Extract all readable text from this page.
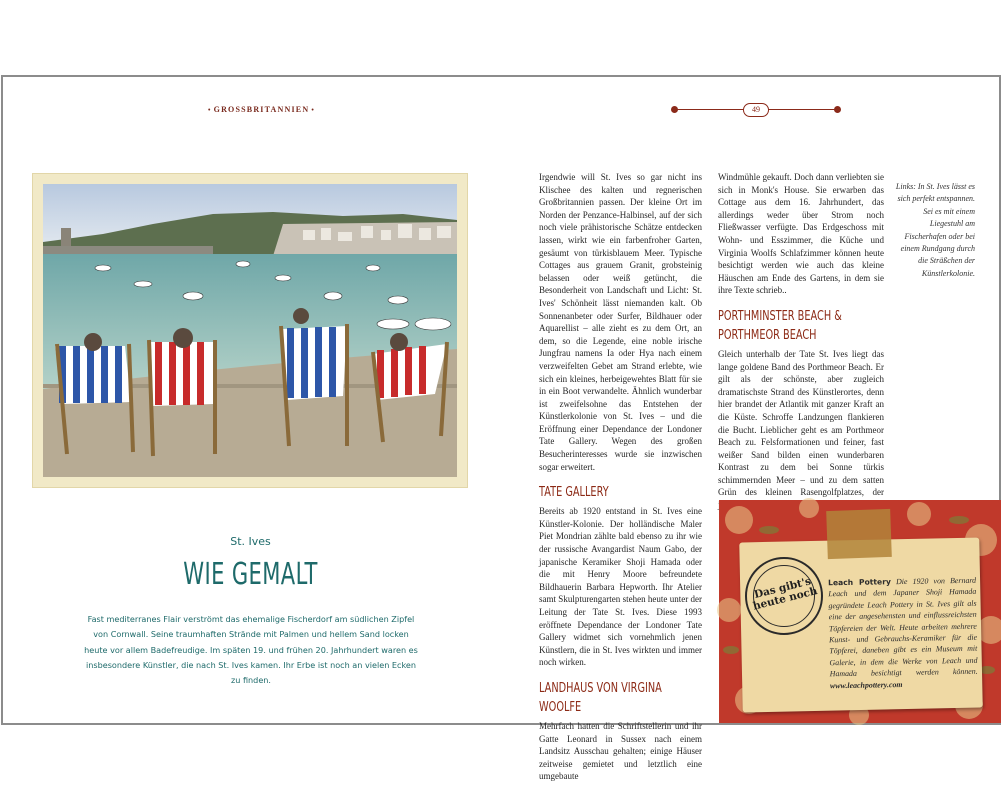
• GROSSBRITANNIEN •	49
St. Ives
WIE GEMALT
Fast mediterranes Flair verströmt das ehemalige Fischerdorf am südlichen Zipfel von Cornwall. Seine traumhaften Strände mit Palmen und hellem Sand locken heute vor allem Badefreudige. Im späten 19. und frühen 20. Jahrhundert waren es insbesondere Künstler, die nach St. Ives kamen. Ihr Erbe ist noch an vielen Ecken zu finden.

Irgendwie will St. Ives so gar nicht ins Klischee des kalten und regnerischen Großbritannien passen. Der kleine Ort im Norden der Penzance-Halbinsel, auf der sich noch viele prähistorische Schätze entdecken lassen, wirkt wie ein farbenfroher Garten, gesäumt von türkisblauem Meer. Typische Cottages aus grauem Granit, grobsteinig belassen oder weiß getüncht, die Besonderheit von Landschaft und Licht: St. Ives' Schönheit lässt niemanden kalt. Ob Sonnenanbeter oder Surfer, Bildhauer oder Aquarellist – alle zieht es zu dem Ort, an dem, so die Legende, eine noble irische Jungfrau namens Ia oder Hya nach einem verzweifelten Gebet am Strand erlebte, wie sich ein kleines, herbeigewehtes Blatt für sie in ein Boot verwandelte. Ähnlich wunderbar ist zweifelsohne das Entstehen der Künstlerkolonie von St. Ives – und die Eröffnung einer Dependance der Londoner Tate Gallery. Wegen des großen Besucherinteresses wurde sie inzwischen sogar erweitert.

TATE GALLERY

Bereits ab 1920 entstand in St. Ives eine Künstler-Kolonie. Der holländische Maler Piet Mondrian zählte bald ebenso zu ihr wie der russische Avangardist Naum Gabo, der japanische Keramiker Shoji Hamada oder die mit Henry Moore befreundete Bildhauerin Barbara Hepworth. Ihr Atelier samt Skulpturengarten stehen heute unter der Leitung der Tate St. Ives. Diese 1993 eröffnete Dependance der Londoner Tate Gallery widmet sich vornehmlich jenen Künstlern, die in St. Ives wirkten und immer noch wirken.

LANDHAUS VON VIRGINA WOOLFE

Mehrfach hatten die Schriftstellerin und ihr Gatte Leonard in Sussex nach einem Landsitz Ausschau gehalten; einige Häuser zeitweise gemietet und letztlich eine umgebaute

Windmühle gekauft. Doch dann verliebten sie sich in Monk's House. Sie erwarben das Cottage aus dem 16. Jahrhundert, das allerdings weder über Strom noch Fließwasser verfügte. Das Erdgeschoss mit Wohn- und Esszimmer, die Küche und Virginia Woolfs Schlafzimmer können heute besichtigt werden wie auch das kleine Häuschen am Ende des Gartens, in dem sie ihre Texte schrieb..

PORTHMINSTER BEACH & PORTHMEOR BEACH

Gleich unterhalb der Tate St. Ives liegt das lange goldene Band des Porthmeor Beach. Er gilt als der schönste, aber zugleich dramatischste Strand des Künstlerortes, denn hier brandet der Atlantik mit ganzer Kraft an die Küste. Schroffe Landzungen flankieren die Bucht. Lieblicher geht es am Porthmeor Beach zu. Felsformationen und feiner, fast weißer Sand bilden einen wunderbaren Kontrast zu dem bei Sonne türkis schimmernden Meer – und zu dem satten Grün des kleinen Rasengolfplatzes, der

Links: In St. Ives lässt es sich perfekt entspannen. Sei es mit einem Liegestuhl am Fischerhafen oder bei einem Rundgang durch die Sträßchen der Künstlerkolonie.
Das gibt's heute noch
Leach Pottery Die 1920 von Bernard Leach und dem Japaner Shoji Hamada gegründete Leach Pottery in St. Ives gilt als eine der angesehensten und einflussreichsten Töpfereien der Welt. Heute arbeiten mehrere Kunst- und Gebrauchs-Keramiker für die Töpferei, daneben gibt es ein Museum mit Galerie, in dem die Werke von Leach und Hamada besichtigt werden können. www.leachpottery.com
